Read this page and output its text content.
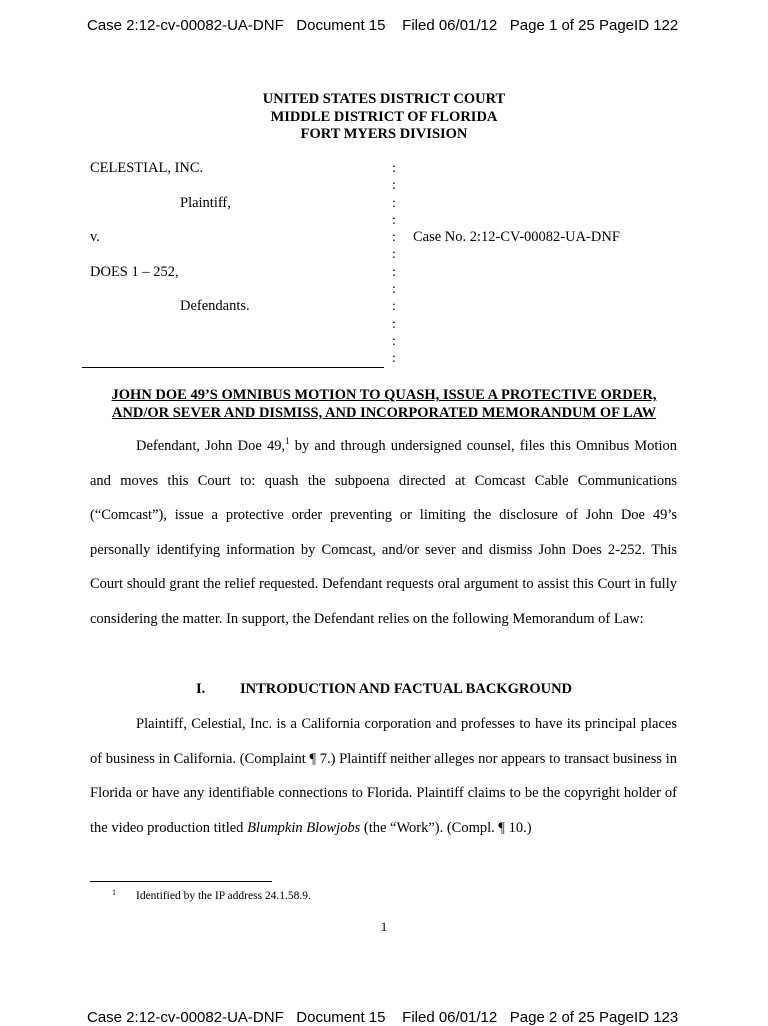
Case 2:12-cv-00082-UA-DNF Document 15 Filed 06/01/12 Page 1 of 25 PageID 122
UNITED STATES DISTRICT COURT
MIDDLE DISTRICT OF FLORIDA
FORT MYERS DIVISION
CELESTIAL, INC.
Plaintiff,
v.
DOES 1 – 252,
Defendants.
Case No. 2:12-CV-00082-UA-DNF
:
:
:
:
:
:
:
:
:
:
:
:
JOHN DOE 49’S OMNIBUS MOTION TO QUASH, ISSUE A PROTECTIVE ORDER,
AND/OR SEVER AND DISMISS, AND INCORPORATED MEMORANDUM OF LAW
Defendant, John Doe 49,$^1$ by and through undersigned counsel, files this Omnibus Motion and moves this Court to: quash the subpoena directed at Comcast Cable Communications (“Comcast”), issue a protective order preventing or limiting the disclosure of John Doe 49’s personally identifying information by Comcast, and/or sever and dismiss John Does 2-252. This Court should grant the relief requested. Defendant requests oral argument to assist this Court in fully considering the matter. In support, the Defendant relies on the following Memorandum of Law:
I. INTRODUCTION AND FACTUAL BACKGROUND
Plaintiff, Celestial, Inc. is a California corporation and professes to have its principal places of business in California. (Complaint ¶ 7.) Plaintiff neither alleges nor appears to transact business in Florida or have any identifiable connections to Florida. Plaintiff claims to be the copyright holder of the video production titled Blumpkin Blowjobs (the “Work”). (Compl. ¶ 10.)
1 Identified by the IP address 24.1.58.9.
1
Case 2:12-cv-00082-UA-DNF Document 15 Filed 06/01/12 Page 2 of 25 PageID 123
